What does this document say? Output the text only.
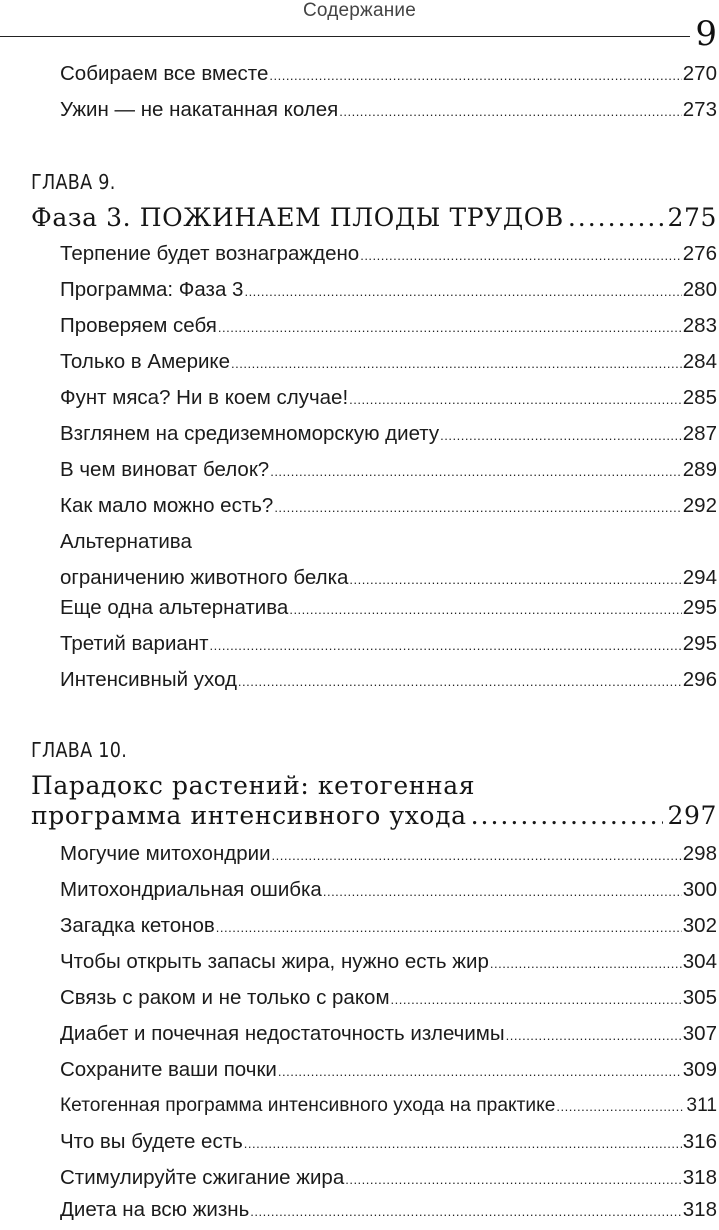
Содержание
9
Собираем все вместе .....	270
Ужин — не накатанная колея .....	273
ГЛАВА 9.
Фаза 3. ПОЖИНАЕМ ПЛОДЫ ТРУДОВ .....	275
Терпение будет вознаграждено .....	276
Программа: Фаза 3 .....	280
Проверяем себя .....	283
Только в Америке .....	284
Фунт мяса? Ни в коем случае! .....	285
Взглянем на средиземноморскую диету .....	287
В чем виноват белок? .....	289
Как мало можно есть? .....	292
Альтернатива
ограничению животного белка .....	294
Еще одна альтернатива .....	295
Третий вариант .....	295
Интенсивный уход .....	296
ГЛАВА 10.
Парадокс растений: кетогенная
программа интенсивного ухода .....	297
Могучие митохондрии .....	298
Митохондриальная ошибка .....	300
Загадка кетонов .....	302
Чтобы открыть запасы жира, нужно есть жир .....	304
Связь с раком и не только с раком .....	305
Диабет и почечная недостаточность излечимы .....	307
Сохраните ваши почки .....	309
Кетогенная программа интенсивного ухода на практике .....	311
Что вы будете есть .....	316
Стимулируйте сжигание жира .....	318
Диета на всю жизнь .....	318
